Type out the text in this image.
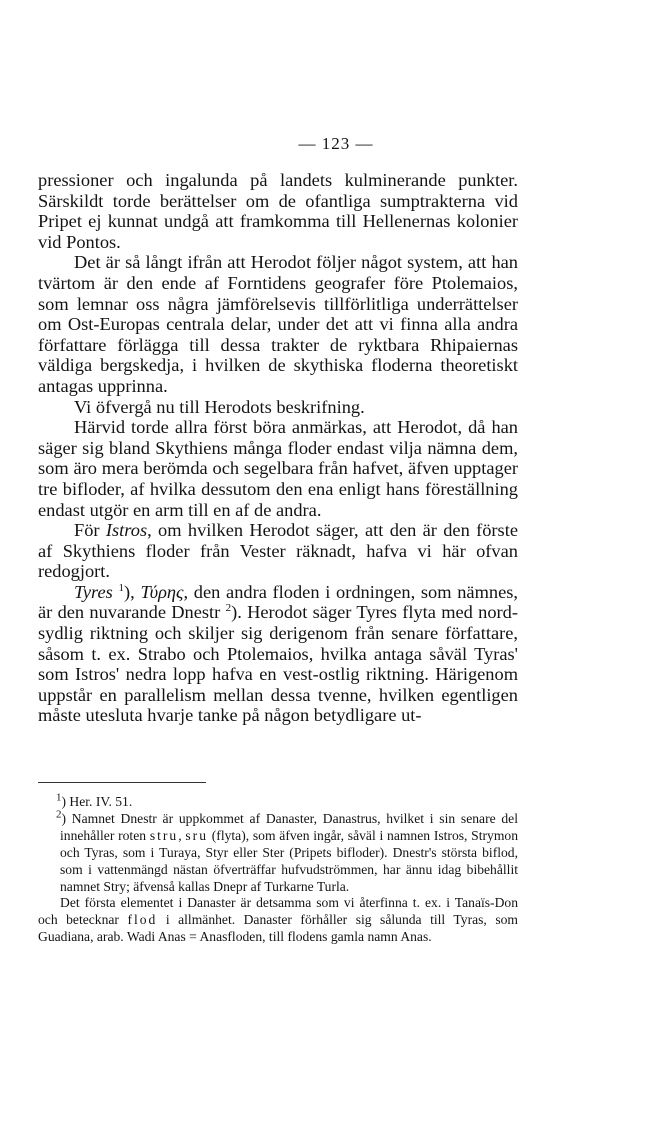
— 123 —

pressioner och ingalunda på landets kulminerande punkter. Särskildt torde berättelser om de ofantliga sumptrakterna vid Pripet ej kunnat undgå att framkomma till Hellenernas kolonier vid Pontos.

Det är så långt ifrån att Herodot följer något system, att han tvärtom är den ende af Forntidens geografer före Ptolemaios, som lemnar oss några jämförelsevis tillförlitliga underrättelser om Ost-Europas centrala delar, under det att vi finna alla andra författare förlägga till dessa trakter de ryktbara Rhipaiernas väldiga bergskedja, i hvilken de skythiska floderna theoretiskt antagas upprinna.

Vi öfvergå nu till Herodots beskrifning.

Härvid torde allra först böra anmärkas, att Herodot, då han säger sig bland Skythiens många floder endast vilja nämna dem, som äro mera berömda och segelbara från hafvet, äfven upptager tre bifloder, af hvilka dessutom den ena enligt hans föreställning endast utgör en arm till en af de andra.

För Istros, om hvilken Herodot säger, att den är den förste af Skythiens floder från Vester räknadt, hafva vi här ofvan redogjort.

Tyres $^1$), Τύρης, den andra floden i ordningen, som nämnes, är den nuvarande Dnestr $^2$). Herodot säger Tyres flyta med nord-sydlig riktning och skiljer sig derigenom från senare författare, såsom t. ex. Strabo och Ptolemaios, hvilka antaga såväl Tyras' som Istros' nedra lopp hafva en vest-ostlig riktning. Härigenom uppstår en parallelism mellan dessa tvenne, hvilken egentligen måste utesluta hvarje tanke på någon betydligare ut-

$^1$) Her. IV. 51.

$^2$) Namnet Dnestr är uppkommet af Danaster, Danastrus, hvilket i sin senare del innehåller roten stru, sru (flyta), som äfven ingår, såväl i namnen Istros, Strymon och Tyras, som i Turaya, Styr eller Ster (Pripets bifloder). Dnestr's största biflod, som i vattenmängd nästan öfverträffar hufvudströmmen, har ännu idag bibehållit namnet Stry; äfvenså kallas Dnepr af Turkarne Turla.

Det första elementet i Danaster är detsamma som vi återfinna t. ex. i Tanaïs-Don och betecknar flod i allmänhet. Danaster förhåller sig sålunda till Tyras, som Guadiana, arab. Wadi Anas = Anasfloden, till flodens gamla namn Anas.
